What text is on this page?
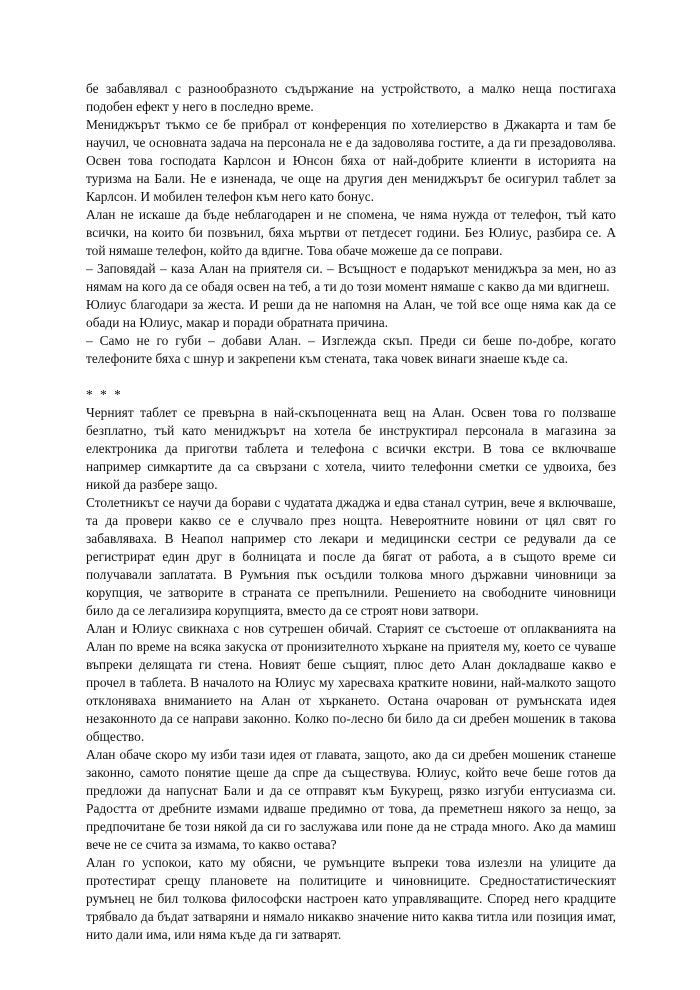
бе забавлявал с разнообразното съдържание на устройството, а малко неща постигаха подобен ефект у него в последно време.

Мениджърът тъкмо се бе прибрал от конференция по хотелиерство в Джакарта и там бе научил, че основната задача на персонала не е да задоволява гостите, а да ги презадоволява. Освен това господата Карлсон и Юнсон бяха от най-добрите клиенти в историята на туризма на Бали. Не е изненада, че още на другия ден мениджърът бе осигурил таблет за Карлсон. И мобилен телефон към него като бонус.

Алан не искаше да бъде неблагодарен и не спомена, че няма нужда от телефон, тъй като всички, на които би позвънил, бяха мъртви от петдесет години. Без Юлиус, разбира се. А той нямаше телефон, който да вдигне. Това обаче можеше да се поправи.

– Заповядай – каза Алан на приятеля си. – Всъщност е подаръкот мениджъра за мен, но аз нямам на кого да се обадя освен на теб, а ти до този момент нямаше с какво да ми вдигнеш.

Юлиус благодари за жеста. И реши да не напомня на Алан, че той все още няма как да се обади на Юлиус, макар и поради обратната причина.

– Само не го губи – добави Алан. – Изглежда скъп. Преди си беше по-добре, когато телефоните бяха с шнур и закрепени към стената, така човек винаги знаеше къде са.

* * *

Черният таблет се превърна в най-скъпоценната вещ на Алан. Освен това го ползваше безплатно, тъй като мениджърът на хотела бе инструктирал персонала в магазина за електроника да приготви таблета и телефона с всички екстри. В това се включваше например симкартите да са свързани с хотела, чиито телефонни сметки се удвоиха, без никой да разбере защо.

Столетникът се научи да борави с чудатата джаджа и едва станал сутрин, вече я включваше, та да провери какво се е случвало през нощта. Невероятните новини от цял свят го забавляваха. В Неапол например сто лекари и медицински сестри се редували да се регистрират един друг в болницата и после да бягат от работа, а в същото време си получавали заплатата. В Румъния пък осъдили толкова много държавни чиновници за корупция, че затворите в страната се препълнили. Решението на свободните чиновници било да се легализира корупцията, вместо да се строят нови затвори.

Алан и Юлиус свикнаха с нов сутрешен обичай. Старият се състоеше от оплакванията на Алан по време на всяка закуска от пронизителното хъркане на приятеля му, което се чуваше въпреки делящата ги стена. Новият беше същият, плюс дето Алан докладваше какво е прочел в таблета. В началото на Юлиус му харесваха кратките новини, най-малкото защото отклоняваха вниманието на Алан от хъркането. Остана очарован от румънската идея незаконното да се направи законно. Колко по-лесно би било да си дребен мошеник в такова общество.

Алан обаче скоро му изби тази идея от главата, защото, ако да си дребен мошеник станеше законно, самото понятие щеше да спре да съществува. Юлиус, който вече беше готов да предложи да напуснат Бали и да се отправят към Букурещ, рязко изгуби ентусиазма си. Радостта от дребните измами идваше предимно от това, да преметнеш някого за нещо, за предпочитане бе този някой да си го заслужава или поне да не страда много. Ако да мамиш вече не се счита за измама, то какво остава?

Алан го успокои, като му обясни, че румънците въпреки това излезли на улиците да протестират срещу плановете на политиците и чиновниците. Средностатистическият румънец не бил толкова философски настроен като управляващите. Според него крадците трябвало да бъдат затваряни и нямало никакво значение нито каква титла или позиция имат, нито дали има, или няма къде да ги затварят.
